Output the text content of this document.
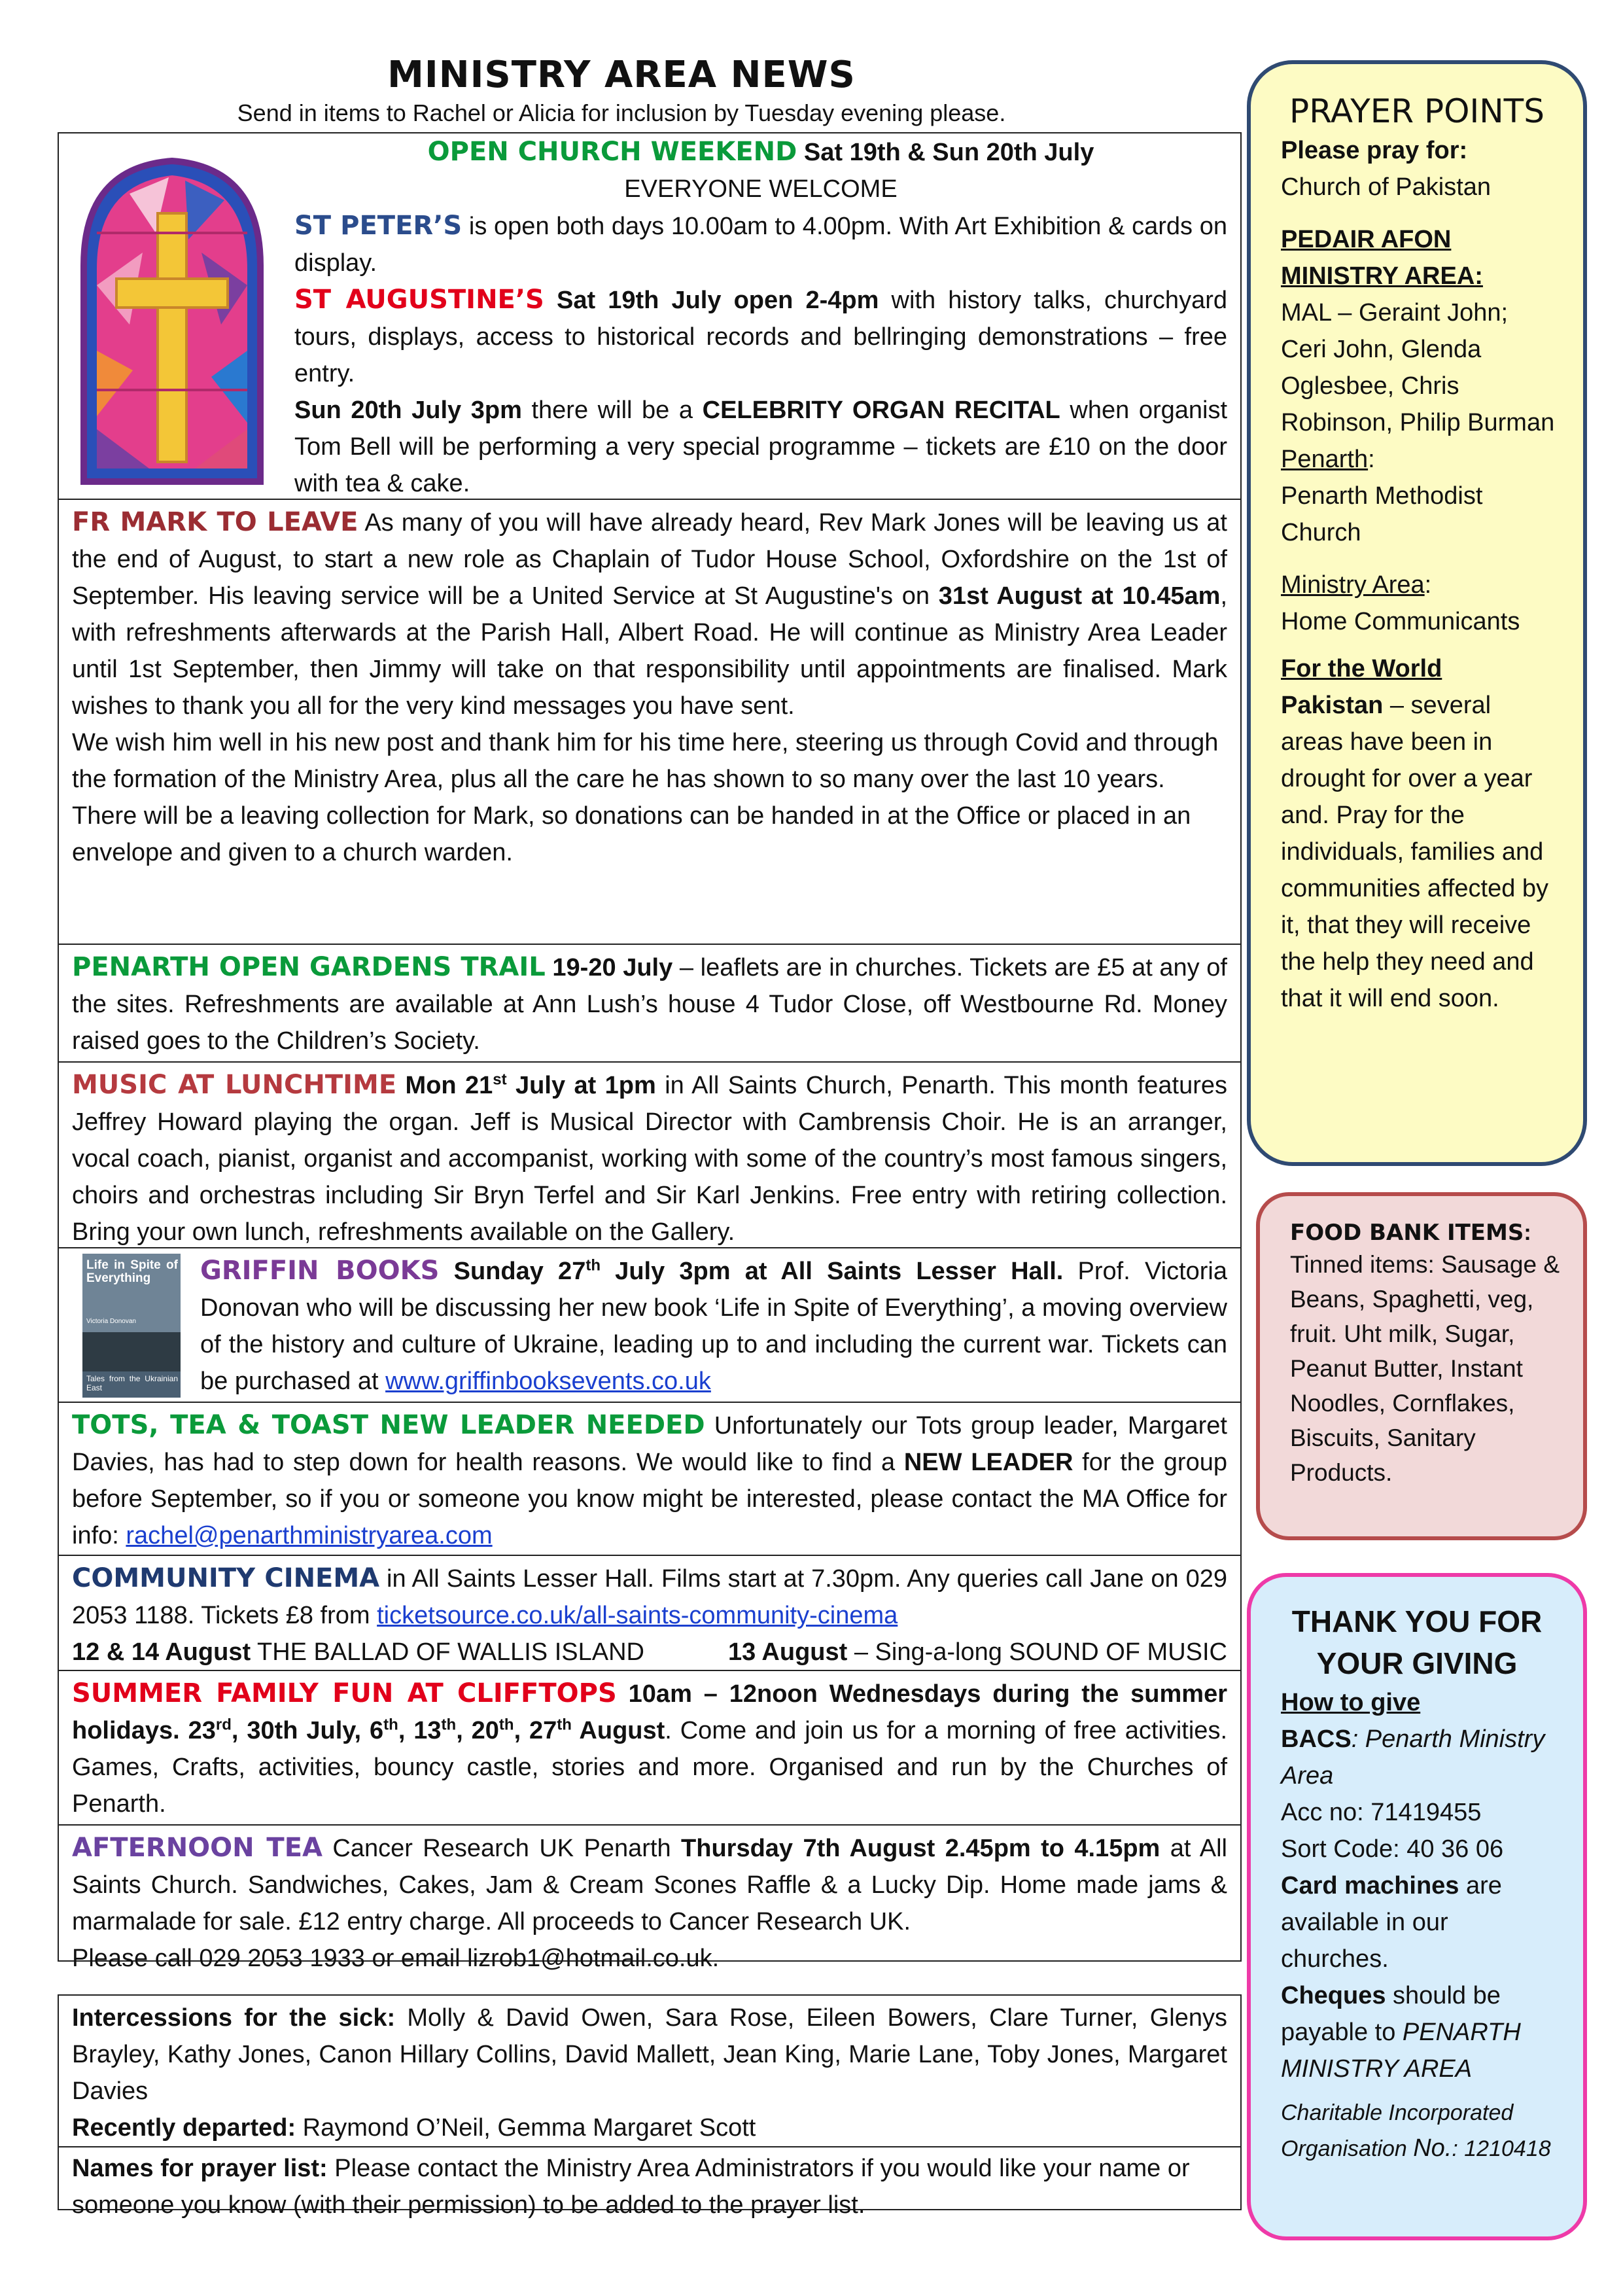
MINISTRY AREA NEWS
Send in items to Rachel or Alicia for inclusion by Tuesday evening please.
OPEN CHURCH WEEKEND Sat 19th & Sun 20th July
EVERYONE WELCOME
ST PETER’S is open both days 10.00am to 4.00pm. With Art Exhibition & cards on display.
ST AUGUSTINE’S Sat 19th July open 2-4pm with history talks, churchyard tours, displays, access to historical records and bellringing demonstrations – free entry.
Sun 20th July 3pm there will be a CELEBRITY ORGAN RECITAL when organist Tom Bell will be performing a very special programme – tickets are £10 on the door with tea & cake.
FR MARK TO LEAVE As many of you will have already heard, Rev Mark Jones will be leaving us at the end of August, to start a new role as Chaplain of Tudor House School, Oxfordshire on the 1st of September. His leaving service will be a United Service at St Augustine's on 31st August at 10.45am, with refreshments afterwards at the Parish Hall, Albert Road. He will continue as Ministry Area Leader until 1st September, then Jimmy will take on that responsibility until appointments are finalised. Mark wishes to thank you all for the very kind messages you have sent.
We wish him well in his new post and thank him for his time here, steering us through Covid and through the formation of the Ministry Area, plus all the care he has shown to so many over the last 10 years.
There will be a leaving collection for Mark, so donations can be handed in at the Office or placed in an envelope and given to a church warden.
PENARTH OPEN GARDENS TRAIL 19-20 July – leaflets are in churches. Tickets are £5 at any of the sites. Refreshments are available at Ann Lush’s house 4 Tudor Close, off Westbourne Rd. Money raised goes to the Children’s Society.
MUSIC AT LUNCHTIME Mon 21st July at 1pm in All Saints Church, Penarth. This month features Jeffrey Howard playing the organ. Jeff is Musical Director with Cambrensis Choir. He is an arranger, vocal coach, pianist, organist and accompanist, working with some of the country’s most famous singers, choirs and orchestras including Sir Bryn Terfel and Sir Karl Jenkins. Free entry with retiring collection. Bring your own lunch, refreshments available on the Gallery.
Life in Spite of Everything
Victoria Donovan
Tales from the Ukrainian East
GRIFFIN BOOKS Sunday 27th July 3pm at All Saints Lesser Hall. Prof. Victoria Donovan who will be discussing her new book ‘Life in Spite of Everything’, a moving overview of the history and culture of Ukraine, leading up to and including the current war. Tickets can be purchased at www.griffinbooksevents.co.uk
TOTS, TEA & TOAST NEW LEADER NEEDED Unfortunately our Tots group leader, Margaret Davies, has had to step down for health reasons. We would like to find a NEW LEADER for the group before September, so if you or someone you know might be interested, please contact the MA Office for info: rachel@penarthministryarea.com
COMMUNITY CINEMA in All Saints Lesser Hall. Films start at 7.30pm. Any queries call Jane on 029 2053 1188. Tickets £8 from ticketsource.co.uk/all-saints-community-cinema
12 & 14 August THE BALLAD OF WALLIS ISLAND	13 August – Sing-a-long SOUND OF MUSIC
SUMMER FAMILY FUN AT CLIFFTOPS 10am – 12noon Wednesdays during the summer holidays. 23rd, 30th July, 6th, 13th, 20th, 27th August. Come and join us for a morning of free activities. Games, Crafts, activities, bouncy castle, stories and more. Organised and run by the Churches of Penarth.
AFTERNOON TEA Cancer Research UK Penarth Thursday 7th August 2.45pm to 4.15pm at All Saints Church. Sandwiches, Cakes, Jam & Cream Scones Raffle & a Lucky Dip. Home made jams & marmalade for sale. £12 entry charge. All proceeds to Cancer Research UK.
Please call 029 2053 1933 or email lizrob1@hotmail.co.uk.
Intercessions for the sick: Molly & David Owen, Sara Rose, Eileen Bowers, Clare Turner, Glenys Brayley, Kathy Jones, Canon Hillary Collins, David Mallett, Jean King, Marie Lane, Toby Jones, Margaret Davies
Recently departed: Raymond O’Neil, Gemma Margaret Scott
Names for prayer list: Please contact the Ministry Area Administrators if you would like your name or someone you know (with their permission) to be added to the prayer list.
PRAYER POINTS
Please pray for:
Church of Pakistan
PEDAIR AFON MINISTRY AREA:
MAL – Geraint John; Ceri John, Glenda Oglesbee, Chris Robinson, Philip Burman
Penarth:
Penarth Methodist Church
Ministry Area:
Home Communicants
For the World
Pakistan – several areas have been in drought for over a year and. Pray for the individuals, families and communities affected by it, that they will receive the help they need and that it will end soon.
FOOD BANK ITEMS:
Tinned items: Sausage & Beans, Spaghetti, veg, fruit. Uht milk, Sugar, Peanut Butter, Instant Noodles, Cornflakes, Biscuits, Sanitary Products.
THANK YOU FOR YOUR GIVING
How to give
BACS: Penarth Ministry Area
Acc no: 71419455
Sort Code: 40 36 06
Card machines are available in our churches.
Cheques should be payable to PENARTH MINISTRY AREA
Charitable Incorporated Organisation No.: 1210418
